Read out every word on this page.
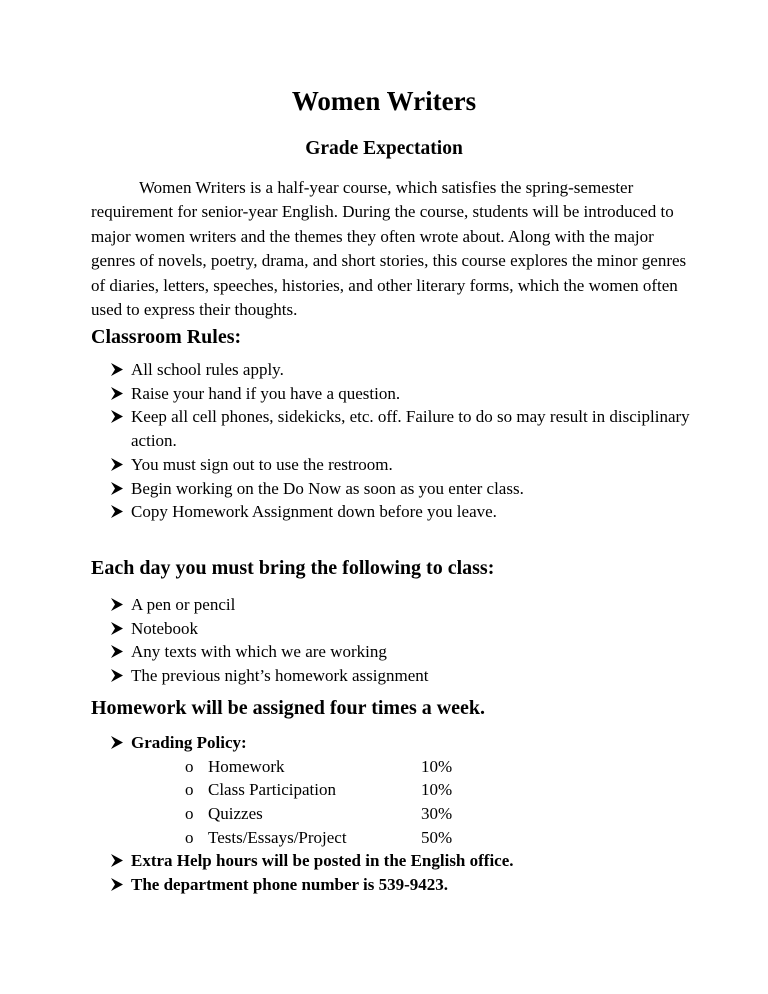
Women Writers
Grade Expectation

Women Writers is a half-year course, which satisfies the spring-semester requirement for senior-year English. During the course, students will be introduced to major women writers and the themes they often wrote about. Along with the major genres of novels, poetry, drama, and short stories, this course explores the minor genres of diaries, letters, speeches, histories, and other literary forms, which the women often used to express their thoughts.

Classroom Rules:
All school rules apply.
Raise your hand if you have a question.
Keep all cell phones, sidekicks, etc. off. Failure to do so may result in disciplinary action.
You must sign out to use the restroom.
Begin working on the Do Now as soon as you enter class.
Copy Homework Assignment down before you leave.
Each day you must bring the following to class:
A pen or pencil
Notebook
Any texts with which we are working
The previous night’s homework assignment
Homework will be assigned four times a week.
Grading Policy:
o Homework	10%
o Class Participation	10%
o Quizzes	30%
o Tests/Essays/Project	50%
Extra Help hours will be posted in the English office.
The department phone number is 539-9423.
